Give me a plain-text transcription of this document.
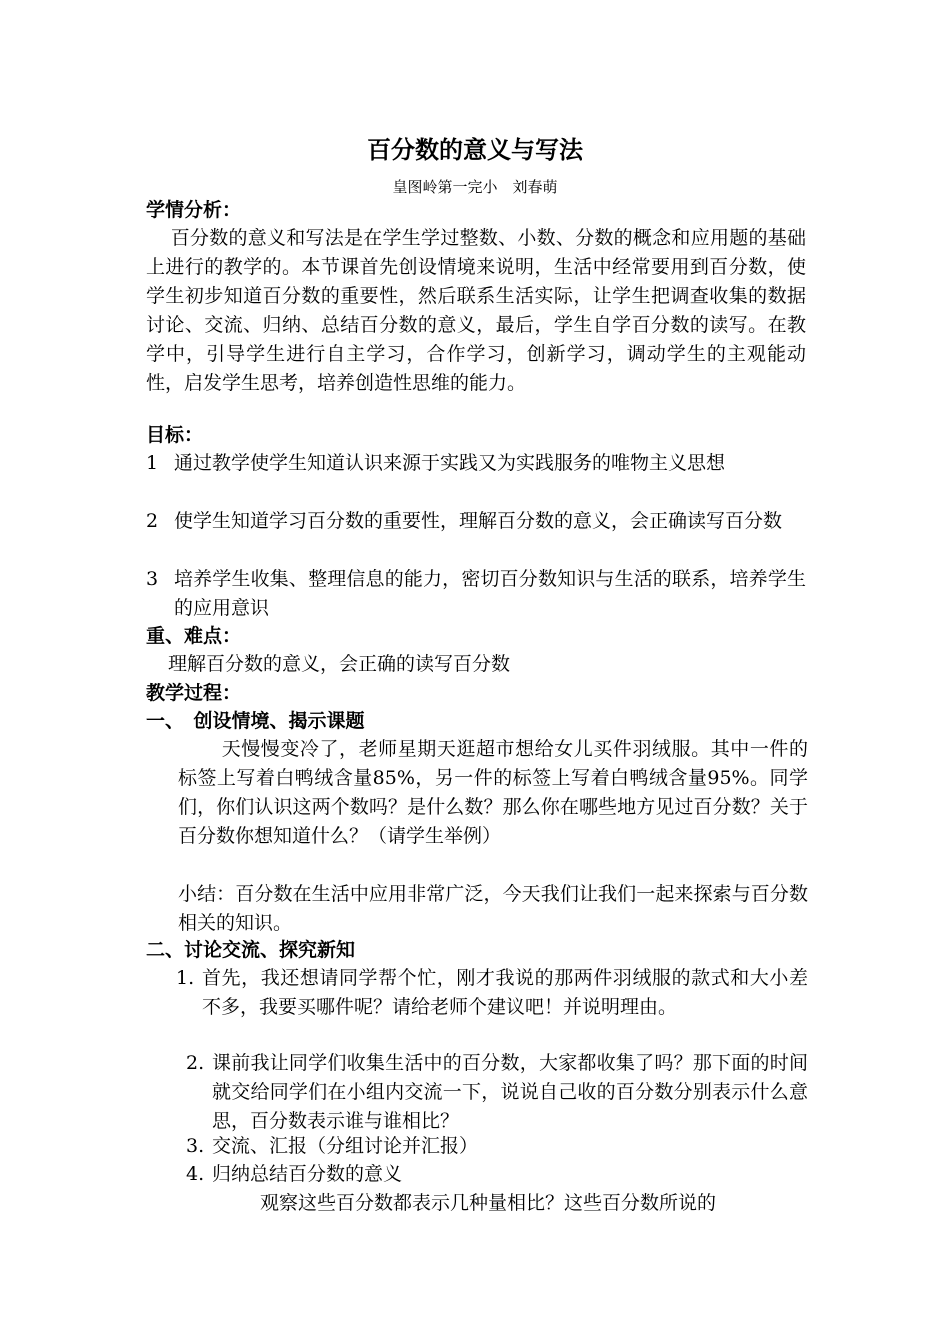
百分数的意义与写法
皇图岭第一完小　刘春萌
学情分析：
百分数的意义和写法是在学生学过整数、小数、分数的概念和应用题的基础上进行的教学的。本节课首先创设情境来说明，生活中经常要用到百分数，使学生初步知道百分数的重要性，然后联系生活实际，让学生把调查收集的数据讨论、交流、归纳、总结百分数的意义，最后，学生自学百分数的读写。在教学中，引导学生进行自主学习，合作学习，创新学习，调动学生的主观能动性，启发学生思考，培养创造性思维的能力。
目标：
1 通过教学使学生知道认识来源于实践又为实践服务的唯物主义思想
2 使学生知道学习百分数的重要性，理解百分数的意义，会正确读写百分数
3 培养学生收集、整理信息的能力，密切百分数知识与生活的联系，培养学生的应用意识
重、难点：
理解百分数的意义，会正确的读写百分数
教学过程：
一、　创设情境、揭示课题
天慢慢变冷了，老师星期天逛超市想给女儿买件羽绒服。其中一件的标签上写着白鸭绒含量85%，另一件的标签上写着白鸭绒含量95%。同学们，你们认识这两个数吗？是什么数？那么你在哪些地方见过百分数？关于百分数你想知道什么？（请学生举例）
小结：百分数在生活中应用非常广泛，今天我们让我们一起来探索与百分数相关的知识。
二、讨论交流、探究新知
1. 首先，我还想请同学帮个忙，刚才我说的那两件羽绒服的款式和大小差不多，我要买哪件呢？请给老师个建议吧！并说明理由。
2. 课前我让同学们收集生活中的百分数，大家都收集了吗？那下面的时间就交给同学们在小组内交流一下，说说自己收的百分数分别表示什么意思，百分数表示谁与谁相比？
3. 交流、汇报（分组讨论并汇报）
4. 归纳总结百分数的意义
观察这些百分数都表示几种量相比？这些百分数所说的
